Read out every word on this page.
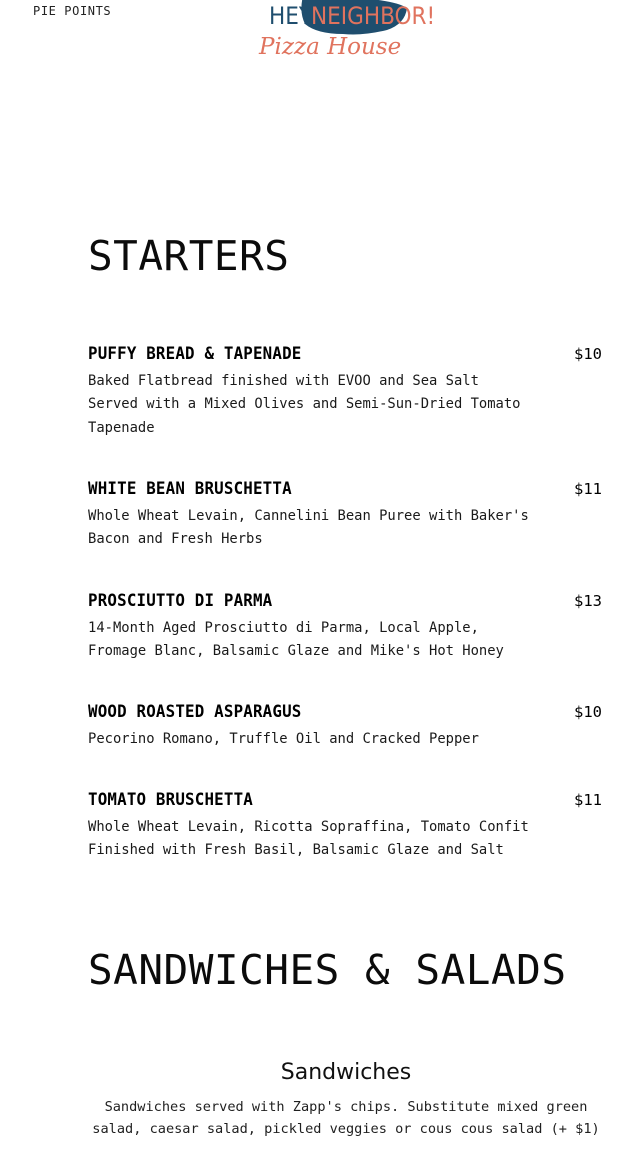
PIE POINTS	HEY,
NEIGHBOR!
Pizza House
STARTERS
PUFFY BREAD & TAPENADE	$10
Baked Flatbread finished with EVOO and Sea Salt Served with a Mixed Olives and Semi-Sun-Dried Tomato Tapenade
WHITE BEAN BRUSCHETTA	$11
Whole Wheat Levain, Cannelini Bean Puree with Baker's Bacon and Fresh Herbs
PROSCIUTTO DI PARMA	$13
14-Month Aged Prosciutto di Parma, Local Apple, Fromage Blanc, Balsamic Glaze and Mike's Hot Honey
WOOD ROASTED ASPARAGUS	$10
Pecorino Romano, Truffle Oil and Cracked Pepper
TOMATO BRUSCHETTA	$11
Whole Wheat Levain, Ricotta Sopraffina, Tomato Confit Finished with Fresh Basil, Balsamic Glaze and Salt
SANDWICHES & SALADS
Sandwiches
Sandwiches served with Zapp's chips. Substitute mixed green salad, caesar salad, pickled veggies or cous cous salad (+ $1)
